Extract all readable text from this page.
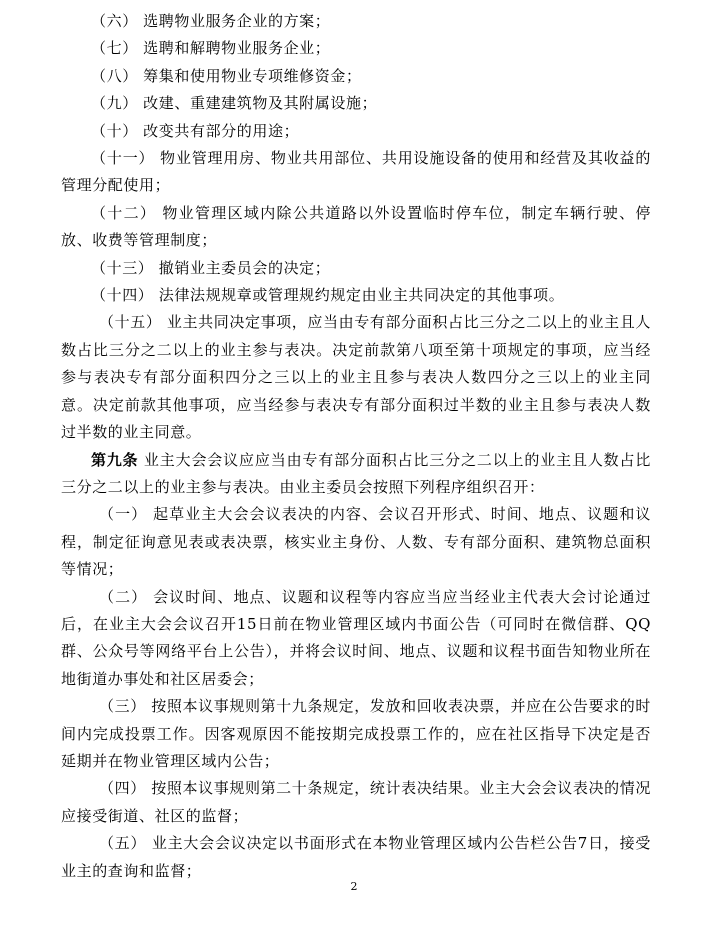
（六） 选聘物业服务企业的方案；

（七） 选聘和解聘物业服务企业；

（八） 筹集和使用物业专项维修资金；

（九） 改建、重建建筑物及其附属设施；

（十） 改变共有部分的用途；

（十一） 物业管理用房、物业共用部位、共用设施设备的使用和经营及其收益的管理分配使用；

（十二） 物业管理区域内除公共道路以外设置临时停车位，制定车辆行驶、停放、收费等管理制度；

（十三） 撤销业主委员会的决定；

（十四） 法律法规规章或管理规约规定由业主共同决定的其他事项。

（十五） 业主共同决定事项，应当由专有部分面积占比三分之二以上的业主且人数占比三分之二以上的业主参与表决。决定前款第八项至第十项规定的事项，应当经参与表决专有部分面积四分之三以上的业主且参与表决人数四分之三以上的业主同意。决定前款其他事项，应当经参与表决专有部分面积过半数的业主且参与表决人数过半数的业主同意。

第九条 业主大会会议应应当由专有部分面积占比三分之二以上的业主且人数占比三分之二以上的业主参与表决。由业主委员会按照下列程序组织召开：

（一） 起草业主大会会议表决的内容、会议召开形式、时间、地点、议题和议程，制定征询意见表或表决票，核实业主身份、人数、专有部分面积、建筑物总面积等情况；

（二） 会议时间、地点、议题和议程等内容应当应当经业主代表大会讨论通过后，在业主大会会议召开15日前在物业管理区域内书面公告（可同时在微信群、QQ群、公众号等网络平台上公告），并将会议时间、地点、议题和议程书面告知物业所在地街道办事处和社区居委会；

（三） 按照本议事规则第十九条规定，发放和回收表决票，并应在公告要求的时间内完成投票工作。因客观原因不能按期完成投票工作的，应在社区指导下决定是否延期并在物业管理区域内公告；

（四） 按照本议事规则第二十条规定，统计表决结果。业主大会会议表决的情况应接受街道、社区的监督；

（五） 业主大会会议决定以书面形式在本物业管理区域内公告栏公告7日，接受业主的查询和监督；

2
